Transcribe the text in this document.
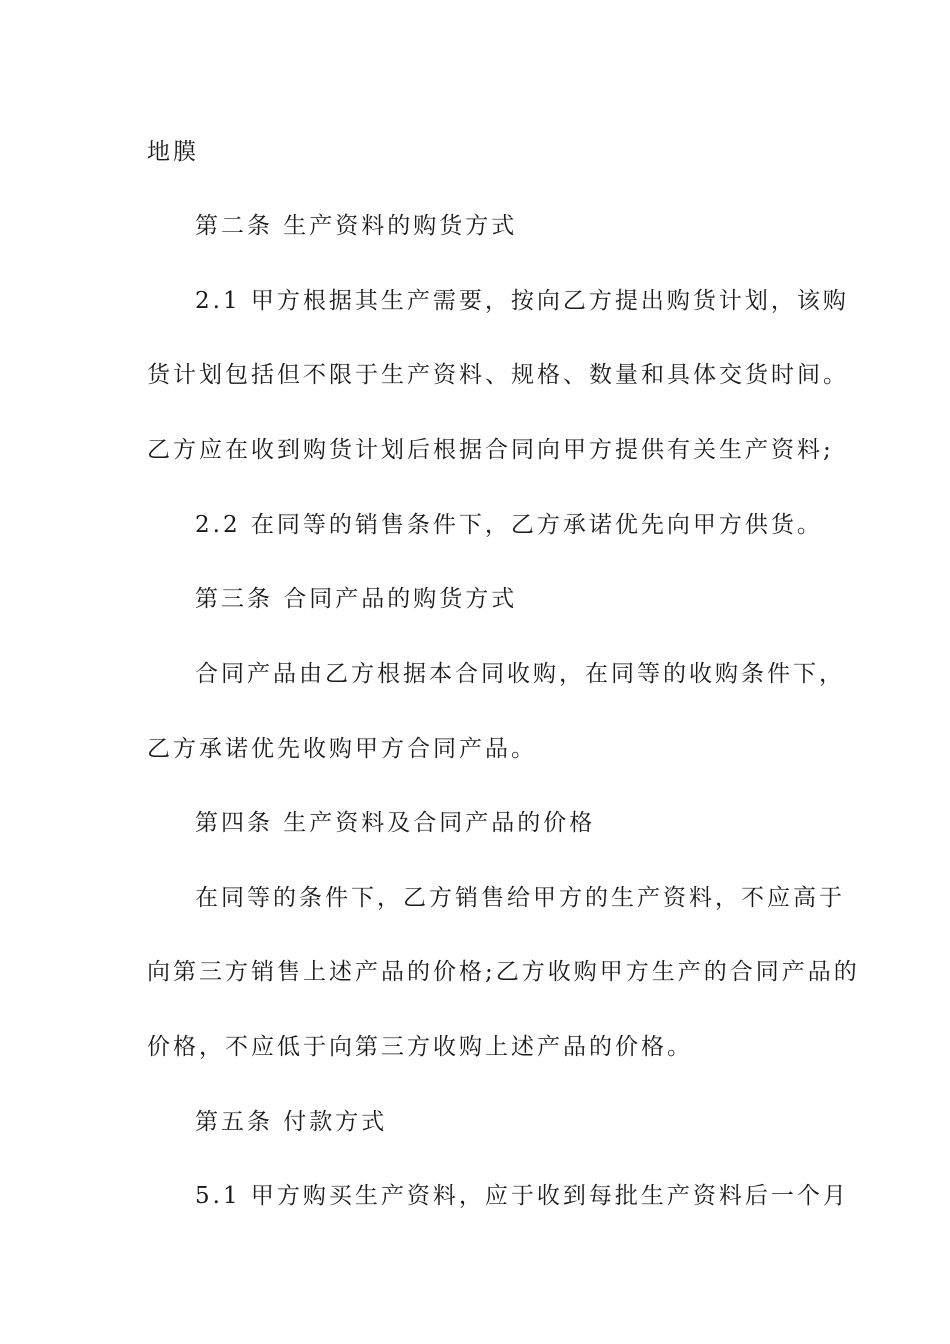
地膜
第二条 生产资料的购货方式
2.1 甲方根据其生产需要，按向乙方提出购货计划，该购
货计划包括但不限于生产资料、规格、数量和具体交货时间。
乙方应在收到购货计划后根据合同向甲方提供有关生产资料;
2.2 在同等的销售条件下，乙方承诺优先向甲方供货。
第三条 合同产品的购货方式
合同产品由乙方根据本合同收购，在同等的收购条件下，
乙方承诺优先收购甲方合同产品。
第四条 生产资料及合同产品的价格
在同等的条件下，乙方销售给甲方的生产资料，不应高于
向第三方销售上述产品的价格;乙方收购甲方生产的合同产品的
价格，不应低于向第三方收购上述产品的价格。
第五条 付款方式
5.1 甲方购买生产资料，应于收到每批生产资料后一个月
